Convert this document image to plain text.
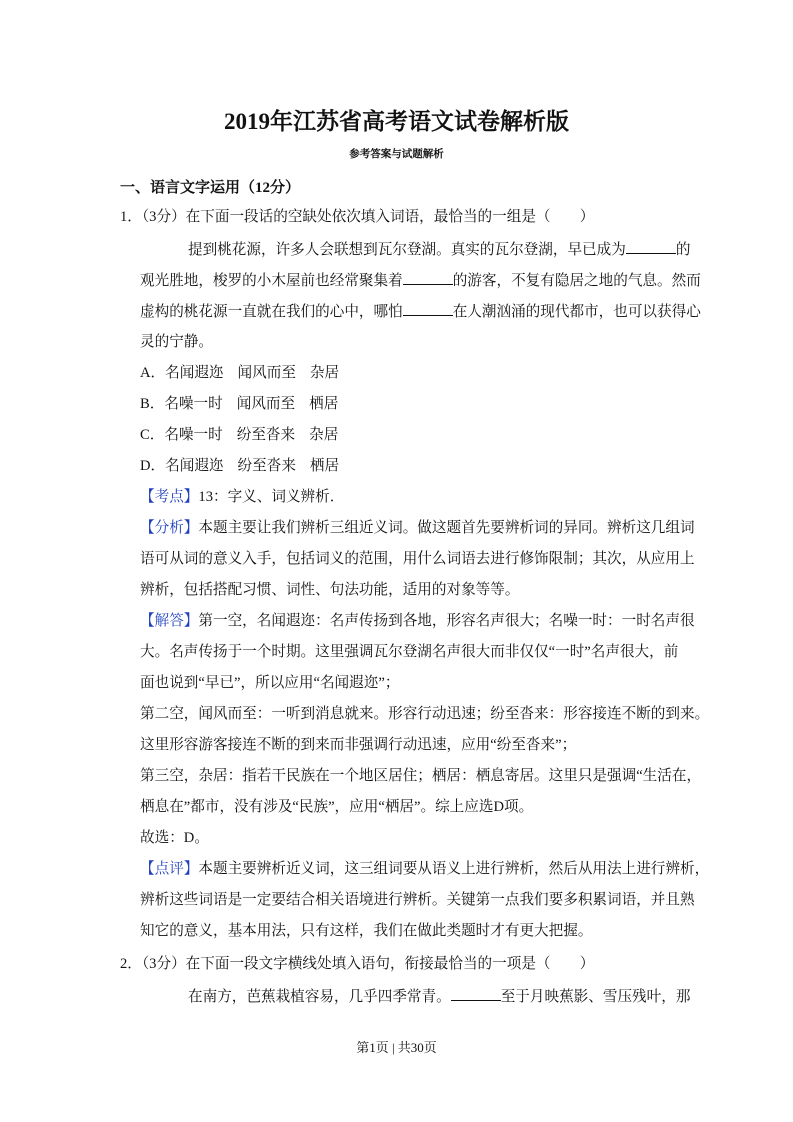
2019年江苏省高考语文试卷解析版
参考答案与试题解析
一、语言文字运用（12分）
1．（3分）在下面一段话的空缺处依次填入词语，最恰当的一组是（　　）
提到桃花源，许多人会联想到瓦尔登湖。真实的瓦尔登湖，早已成为	的
观光胜地，梭罗的小木屋前也经常聚集着	的游客，不复有隐居之地的气息。然而
虚构的桃花源一直就在我们的心中，哪怕	在人潮汹涌的现代都市，也可以获得心
灵的宁静。
A．名闻遐迩 闻风而至 杂居
B．名噪一时 闻风而至 栖居
C．名噪一时 纷至沓来 杂居
D．名闻遐迩 纷至沓来 栖居
【考点】13：字义、词义辨析．
【分析】本题主要让我们辨析三组近义词。做这题首先要辨析词的异同。辨析这几组词
语可从词的意义入手，包括词义的范围，用什么词语去进行修饰限制；其次，从应用上
辨析，包括搭配习惯、词性、句法功能，适用的对象等等。
【解答】第一空，名闻遐迩：名声传扬到各地，形容名声很大；名噪一时：一时名声很
大。名声传扬于一个时期。这里强调瓦尔登湖名声很大而非仅仅“一时”名声很大，前
面也说到“早已”，所以应用“名闻遐迩”；
第二空，闻风而至：一听到消息就来。形容行动迅速；纷至沓来：形容接连不断的到来。
这里形容游客接连不断的到来而非强调行动迅速，应用“纷至沓来”；
第三空，杂居：指若干民族在一个地区居住；栖居：栖息寄居。这里只是强调“生活在，
栖息在”都市，没有涉及“民族”，应用“栖居”。综上应选D项。
故选：D。
【点评】本题主要辨析近义词，这三组词要从语义上进行辨析，然后从用法上进行辨析，
辨析这些词语是一定要结合相关语境进行辨析。关键第一点我们要多积累词语，并且熟
知它的意义，基本用法，只有这样，我们在做此类题时才有更大把握。
2．（3分）在下面一段文字横线处填入语句，衔接最恰当的一项是（　　）
在南方，芭蕉栽植容易，几乎四季常青。	至于月映蕉影、雪压残叶，那
第1页 | 共30页
